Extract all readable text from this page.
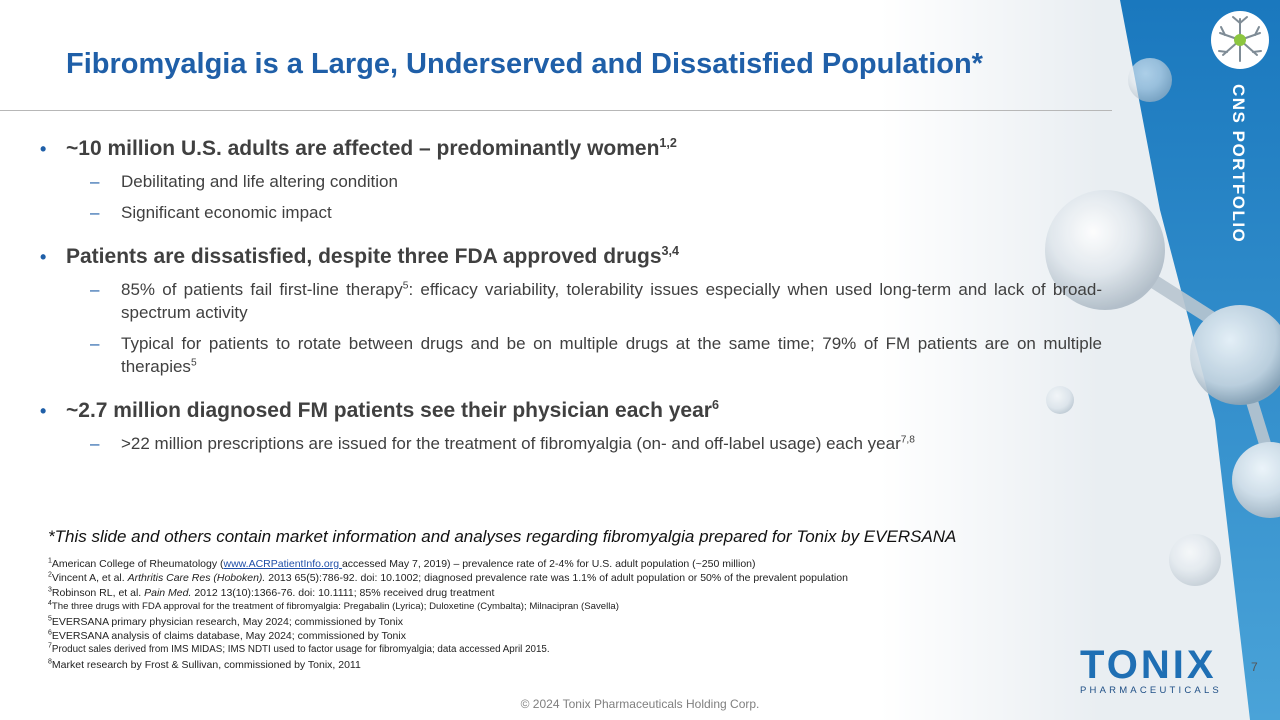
CNS PORTFOLIO
Fibromyalgia is a Large, Underserved and Dissatisfied Population*
• ~10 million U.S. adults are affected – predominantly women$^{1,2}$
– Debilitating and life altering condition
– Significant economic impact
• Patients are dissatisfied, despite three FDA approved drugs$^{3,4}$
– 85% of patients fail first-line therapy$^5$: efficacy variability, tolerability issues especially when used long-term and lack of broad-spectrum activity
– Typical for patients to rotate between drugs and be on multiple drugs at the same time; 79% of FM patients are on multiple therapies$^5$
• ~2.7 million diagnosed FM patients see their physician each year$^6$
– >22 million prescriptions are issued for the treatment of fibromyalgia (on- and off-label usage) each year$^{7,8}$
*This slide and others contain market information and analyses regarding fibromyalgia prepared for Tonix by EVERSANA
$^1$American College of Rheumatology (www.ACRPatientInfo.org accessed May 7, 2019) – prevalence rate of 2-4% for U.S. adult population (~250 million)
$^2$Vincent A, et al. Arthritis Care Res (Hoboken). 2013 65(5):786-92. doi: 10.1002; diagnosed prevalence rate was 1.1% of adult population or 50% of the prevalent population
$^3$Robinson RL, et al. Pain Med. 2012 13(10):1366-76. doi: 10.1111; 85% received drug treatment
$^4$The three drugs with FDA approval for the treatment of fibromyalgia: Pregabalin (Lyrica); Duloxetine (Cymbalta); Milnacipran (Savella)
$^5$EVERSANA primary physician research, May 2024; commissioned by Tonix
$^6$EVERSANA analysis of claims database, May 2024; commissioned by Tonix
$^7$Product sales derived from IMS MIDAS; IMS NDTI used to factor usage for fibromyalgia; data accessed April 2015.
$^8$Market research by Frost & Sullivan, commissioned by Tonix, 2011	TONIX
PHARMACEUTICALS
7
© 2024 Tonix Pharmaceuticals Holding Corp.
